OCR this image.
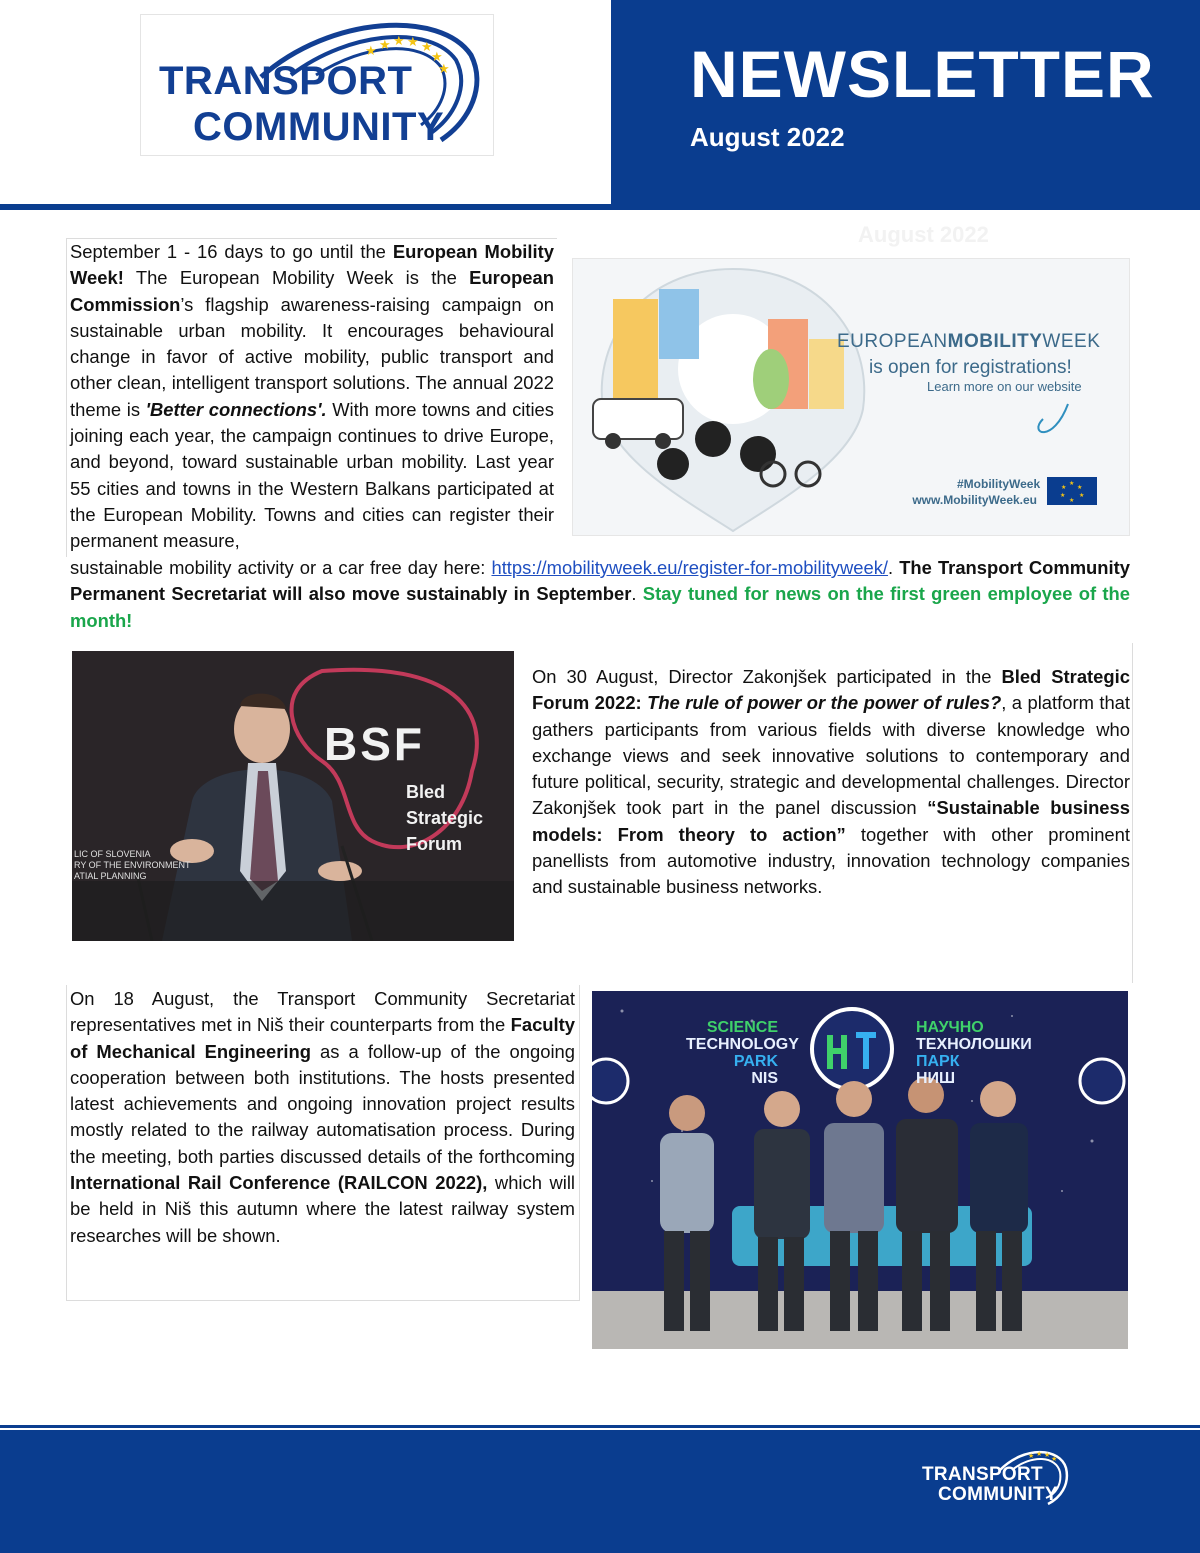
★ ★ ★ ★
★
★
★
TRANSPORT
COMMUNITY
NEWSLETTER
August 2022
August 2022
September 1 - 16 days to go until the European Mobility Week! The European Mobility Week is the European Commission’s flagship awareness-raising campaign on sustainable urban mobility. It encourages behavioural change in favor of active mobility, public transport and other clean, intelligent transport solutions. The annual 2022 theme is 'Better connections'. With more towns and cities joining each year, the campaign continues to drive Europe, and beyond, toward sustainable urban mobility. Last year 55 cities and towns in the Western Balkans participated at the European Mobility. Towns and cities can register their permanent measure,
sustainable mobility activity or a car free day here: https://mobilityweek.eu/register-for-mobilityweek/. The Transport Community Permanent Secretariat will also move sustainably in September. Stay tuned for news on the first green employee of the month!
★
★
★
★
★
★
EUROPEANMOBILITYWEEK
is open for registrations!
Learn more on our website
#MobilityWeek
www.MobilityWeek.eu
BSF
Bled
Strategic
Forum
LIC OF SLOVENIA
RY OF THE ENVIRONMENT
ATIAL PLANNING
On 30 August, Director Zakonjšek participated in the Bled Strategic Forum 2022: The rule of power or the power of rules?, a platform that gathers participants from various fields with diverse knowledge who exchange views and seek innovative solutions to contemporary and future political, security, strategic and developmental challenges. Director Zakonjšek took part in the panel discussion “Sustainable business models: From theory to action” together with other prominent panellists from automotive industry, innovation technology companies and sustainable business networks.
On 18 August, the Transport Community Secretariat representatives met in Niš their counterparts from the Faculty of Mechanical Engineering as a follow-up of the ongoing cooperation between both institutions. The hosts presented latest achievements and ongoing innovation project results mostly related to the railway automatisation process. During the meeting, both parties discussed details of the forthcoming International Rail Conference (RAILCON 2022), which will be held in Niš this autumn where the latest railway system researches will be shown.
SCIENCE
TECHNOLOGY
PARK
NIS
НАУЧНО
ТЕХНОЛОШКИ
ПАРК
НИШ
★ ★ ★ ★
TRANSPORT
COMMUNITY
